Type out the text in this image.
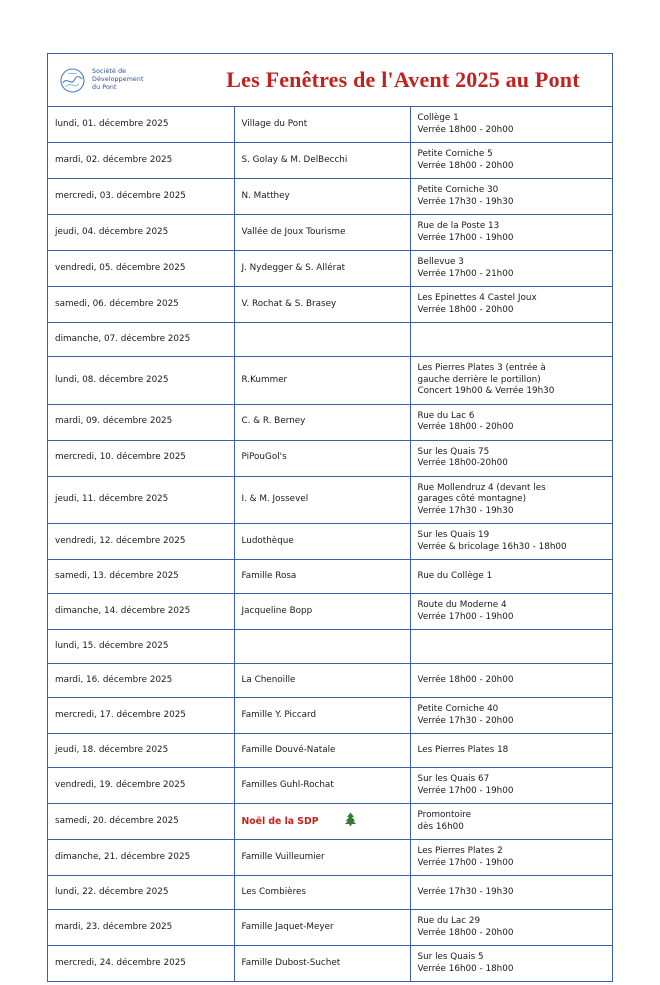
Société de
Développement
du Pont	Les Fenêtres de l'Avent 2025 au Pont
lundi, 01. décembre 2025	Village du Pont	Collège 1
Verrée 18h00 - 20h00

mardi, 02. décembre 2025	S. Golay & M. DelBecchi	Petite Corniche 5
Verrée 18h00 - 20h00

mercredi, 03. décembre 2025	N. Matthey	Petite Corniche 30
Verrée 17h30 - 19h30

jeudi, 04. décembre 2025	Vallée de Joux Tourisme	Rue de la Poste 13
Verrée 17h00 - 19h00

vendredi, 05. décembre 2025	J. Nydegger & S. Allérat	Bellevue 3
Verrée 17h00 - 21h00

samedi, 06. décembre 2025	V. Rochat & S. Brasey	Les Epinettes 4 Castel Joux
Verrée 18h00 - 20h00

dimanche, 07. décembre 2025		

lundi, 08. décembre 2025	R.Kummer	Les Pierres Plates 3 (entrée à
gauche derrière le portillon)
Concert 19h00 & Verrée 19h30

mardi, 09. décembre 2025	C. & R. Berney	Rue du Lac 6
Verrée 18h00 - 20h00

mercredi, 10. décembre 2025	PiPouGol's	Sur les Quais 75
Verrée 18h00-20h00

jeudi, 11. décembre 2025	I. & M. Jossevel	Rue Mollendruz 4 (devant les
garages côté montagne)
Verrée 17h30 - 19h30

vendredi, 12. décembre 2025	Ludothèque	Sur les Quais 19
Verrée & bricolage 16h30 - 18h00

samedi, 13. décembre 2025	Famille Rosa	Rue du Collège 1

dimanche, 14. décembre 2025	Jacqueline Bopp	Route du Moderne 4
Verrée 17h00 - 19h00

lundi, 15. décembre 2025		

mardi, 16. décembre 2025	La Chenoille	Verrée 18h00 - 20h00

mercredi, 17. décembre 2025	Famille Y. Piccard	Petite Corniche 40
Verrée 17h30 - 20h00

jeudi, 18. décembre 2025	Famille Douvé-Natale	Les Pierres Plates 18

vendredi, 19. décembre 2025	Familles Guhl-Rochat	Sur les Quais 67
Verrée 17h00 - 19h00

samedi, 20. décembre 2025	Noël de la SDP	Promontoire
dès 16h00

dimanche, 21. décembre 2025	Famille Vuilleumier	Les Pierres Plates 2
Verrée 17h00 - 19h00

lundi, 22. décembre 2025	Les Combières	Verrée 17h30 - 19h30

mardi, 23. décembre 2025	Famille Jaquet-Meyer	Rue du Lac 29
Verrée 18h00 - 20h00

mercredi, 24. décembre 2025	Famille Dubost-Suchet	Sur les Quais 5
Verrée 16h00 - 18h00
